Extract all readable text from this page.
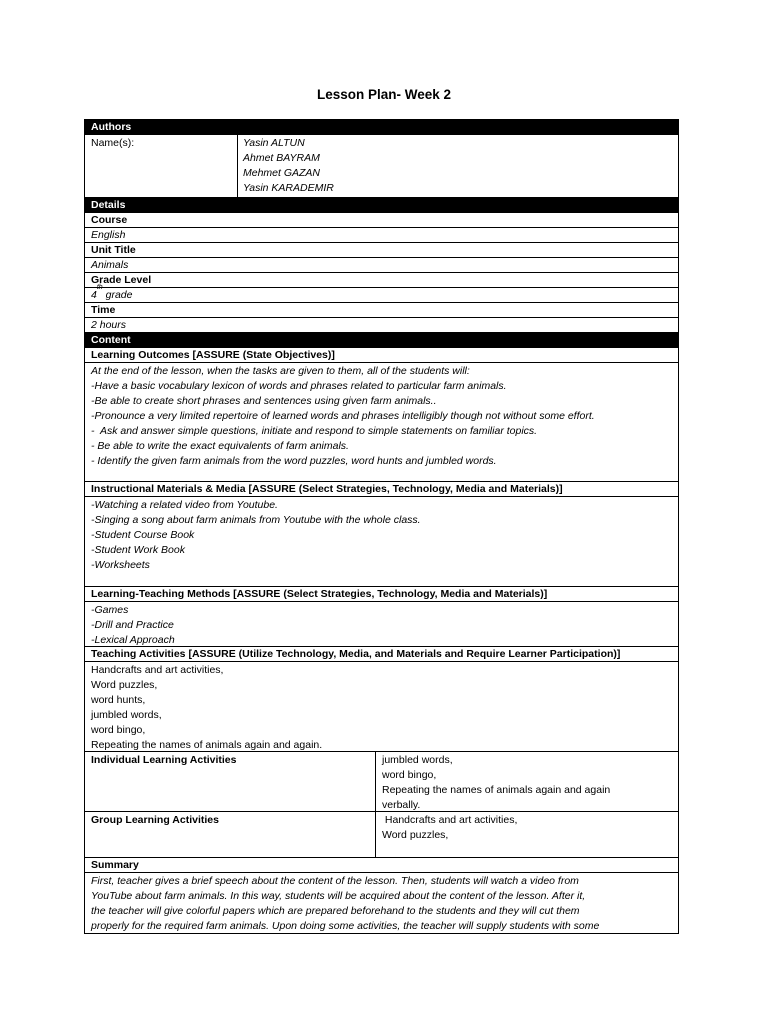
Lesson Plan- Week 2
Authors
Name(s):	Yasin ALTUN
Ahmet BAYRAM
Mehmet GAZAN
Yasin KARADEMIR
Details
Course
English
Unit Title
Animals
Grade Level
4
th
grade
Time
2 hours
Content
Learning Outcomes [ASSURE (State Objectives)]
At the end of the lesson, when the tasks are given to them, all of the students will:
-Have a basic vocabulary lexicon of words and phrases related to particular farm animals.
-Be able to create short phrases and sentences using given farm animals..
-Pronounce a very limited repertoire of learned words and phrases intelligibly though not without some effort.
-  Ask and answer simple questions, initiate and respond to simple statements on familiar topics.
- Be able to write the exact equivalents of farm animals.
- Identify the given farm animals from the word puzzles, word hunts and jumbled words.
Instructional Materials & Media [ASSURE (Select Strategies, Technology, Media and Materials)]
-Watching a related video from Youtube.
-Singing a song about farm animals from Youtube with the whole class.
-Student Course Book
-Student Work Book
-Worksheets
Learning-Teaching Methods [ASSURE (Select Strategies, Technology, Media and Materials)]
-Games
-Drill and Practice
-Lexical Approach
Teaching Activities [ASSURE (Utilize Technology, Media, and Materials and Require Learner Participation)]
Handcrafts and art activities,
Word puzzles,
word hunts,
jumbled words,
word bingo,
Repeating the names of animals again and again.
Individual Learning Activities	jumbled words,
word bingo,
Repeating the names of animals again and again
verbally.
Group Learning Activities	Handcrafts and art activities,
Word puzzles,
Summary
First, teacher gives a brief speech about the content of the lesson. Then, students will watch a video from
YouTube about farm animals. In this way, students will be acquired about the content of the lesson. After it,
the teacher will give colorful papers which are prepared beforehand to the students and they will cut them
properly for the required farm animals. Upon doing some activities, the teacher will supply students with some
